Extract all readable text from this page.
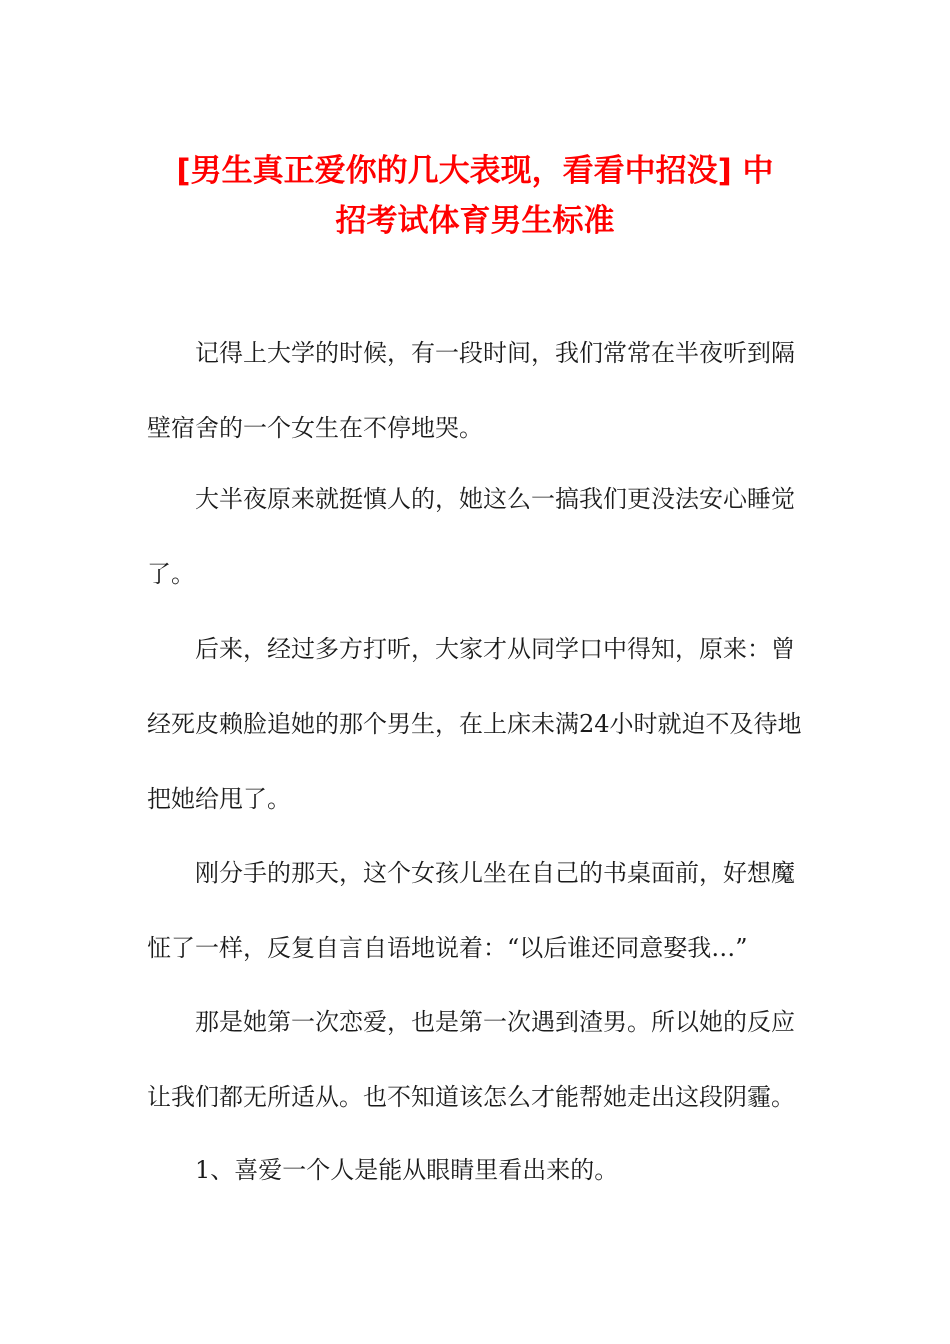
[男生真正爱你的几大表现，看看中招没] 中
招考试体育男生标准

记得上大学的时候，有一段时间，我们常常在半夜听到隔
壁宿舍的一个女生在不停地哭。

大半夜原来就挺慎人的，她这么一搞我们更没法安心睡觉
了。

后来，经过多方打听，大家才从同学口中得知，原来：曾
经死皮赖脸追她的那个男生，在上床未满24小时就迫不及待地
把她给甩了。

刚分手的那天，这个女孩儿坐在自己的书桌面前，好想魔
怔了一样，反复自言自语地说着：“以后谁还同意娶我…”

那是她第一次恋爱，也是第一次遇到渣男。所以她的反应
让我们都无所适从。也不知道该怎么才能帮她走出这段阴霾。

1、喜爱一个人是能从眼睛里看出来的。
